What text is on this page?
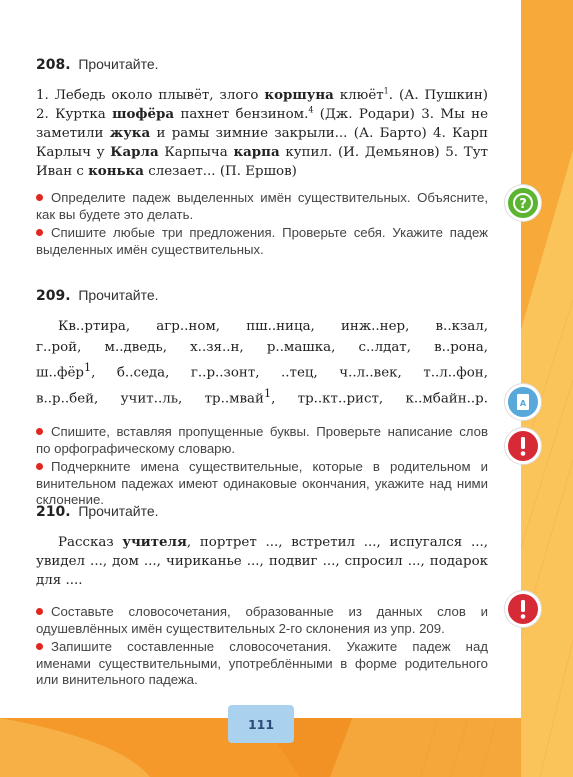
208. Прочитайте.

1. Лебедь около плывёт, злого коршуна клюёт$^1$. (А. Пушкин) 2. Куртка шофёра пахнет бензином.$^4$ (Дж. Родари) 3. Мы не заметили жука и рамы зимние закрыли... (А. Барто) 4. Карп Карлыч у Карла Карпыча карпа купил. (И. Демьянов) 5. Тут Иван с конька слезает... (П. Ершов)

Определите падеж выделенных имён существительных. Объясните, как вы будете это делать.

Спишите любые три предложения. Проверьте себя. Укажите падеж выделенных имён существительных.

209. Прочитайте.

Кв..ртира, агр..ном, пш..ница, инж..нер, в..кзал,

г..рой, м..дведь, х..зя..н, р..машка, с..лдат, в..рона,

ш..фёр$^1$, б..седа, г..р..зонт, ..тец, ч..л..век, т..л..фон,

в..р..бей, учит..ль, тр..мвай$^1$, тр..кт..рист, к..мбайн..р.

Спишите, вставляя пропущенные буквы. Проверьте написание слов по орфографическому словарю.

Подчеркните имена существительные, которые в родительном и винительном падежах имеют одинаковые окончания, укажите над ними склонение.

210. Прочитайте.

Рассказ учителя, портрет ..., встретил ..., испугался ..., увидел ..., дом ..., чириканье ..., подвиг ..., спросил ..., подарок для ....

Составьте словосочетания, образованные из данных слов и одушевлённых имён существительных 2-го склонения из упр. 209.

Запишите составленные словосочетания. Укажите падеж над именами существительными, употреблёнными в форме родительного или винительного падежа.

?
A
111
